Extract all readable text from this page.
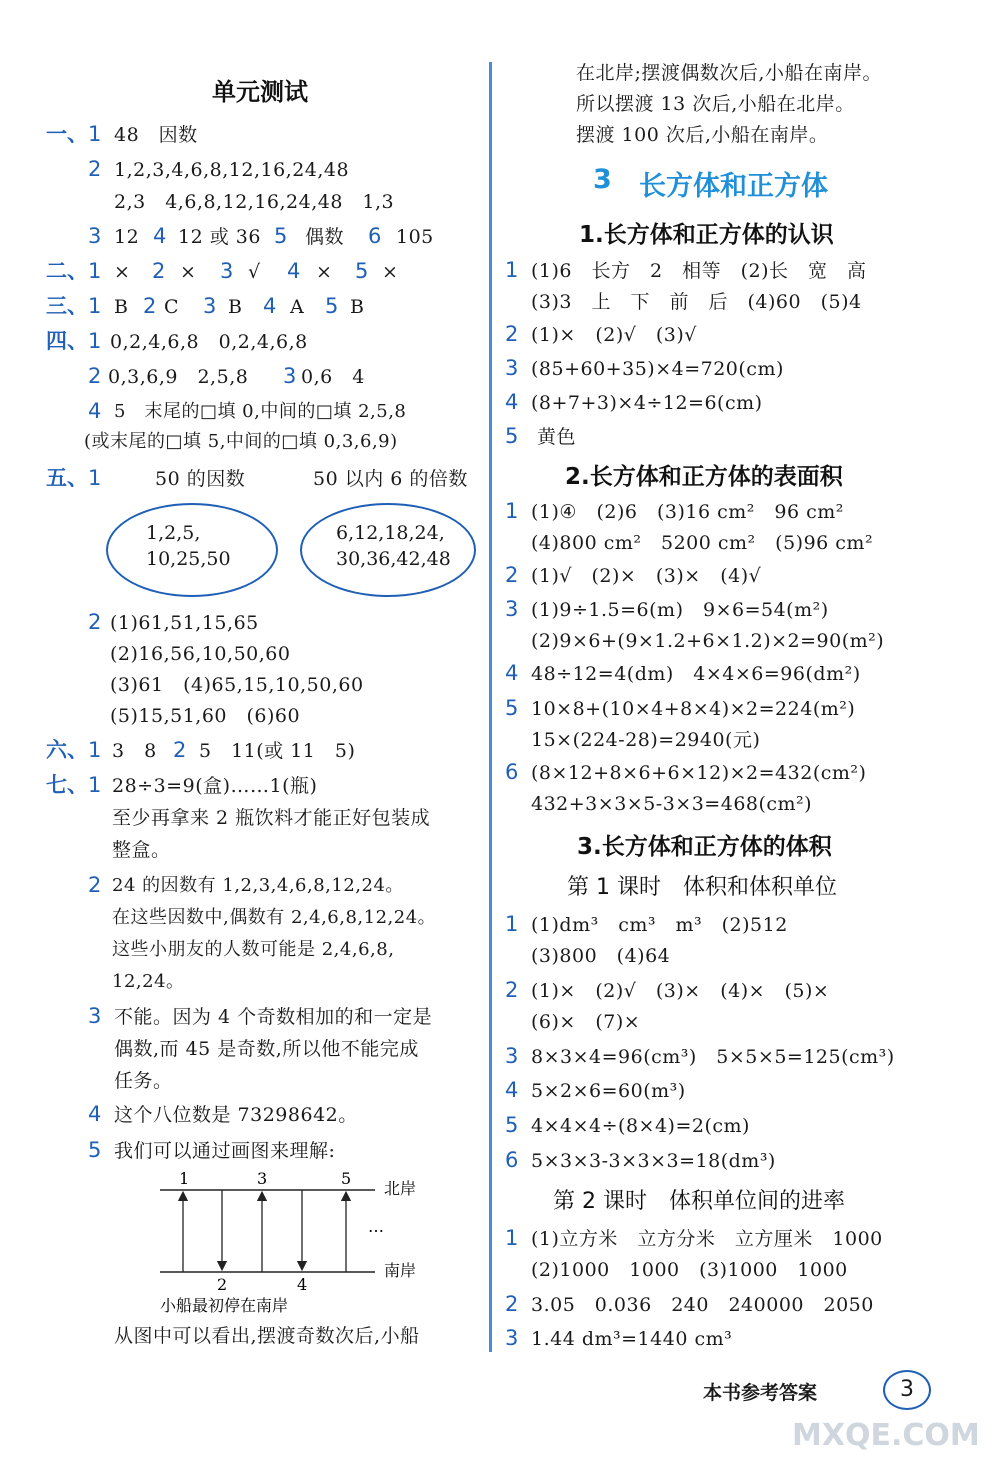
单元测试
一、 1 48　因数
2 1,2,3,4,6,8,12,16,24,48
2,3　4,6,8,12,16,24,48　1,3
3 12 4 12 或 36 5 偶数 6 105
二、 1 × 2 × 3 √ 4 × 5 ×
三、 1 B 2 C 3 B 4 A 5 B
四、 1 0,2,4,6,8　0,2,4,6,8
2 0,3,6,9　2,5,8 3 0,6　4
4 5　末尾的□填 0,中间的□填 2,5,8
(或末尾的□填 5,中间的□填 0,3,6,9)
五、 1	50 的因数	50 以内 6 的倍数
1,2,5,
10,25,50
6,12,18,24,
30,36,42,48
2 (1)61,51,15,65
(2)16,56,10,50,60
(3)61　(4)65,15,10,50,60
(5)15,51,60　(6)60
六、 1 3　8 2 5　11(或 11　5)
七、 1 28÷3=9(盒)……1(瓶)
至少再拿来 2 瓶饮料才能正好包装成
整盒。
2 24 的因数有 1,2,3,4,6,8,12,24。
在这些因数中,偶数有 2,4,6,8,12,24。
这些小朋友的人数可能是 2,4,6,8,
12,24。
3 不能。因为 4 个奇数相加的和一定是
偶数,而 45 是奇数,所以他不能完成
任务。
4 这个八位数是 73298642。
5 我们可以通过画图来理解:
1	3	5
2	4
…
北岸
南岸
小船最初停在南岸
从图中可以看出,摆渡奇数次后,小船
在北岸;摆渡偶数次后,小船在南岸。
所以摆渡 13 次后,小船在北岸。
摆渡 100 次后,小船在南岸。
3 长方体和正方体
1.长方体和正方体的认识
1 (1)6　长方　2　相等　(2)长　宽　高
(3)3　上　下　前　后　(4)60　(5)4
2 (1)×　(2)√　(3)√
3 (85+60+35)×4=720(cm)
4 (8+7+3)×4÷12=6(cm)
5 黄色
2.长方体和正方体的表面积
1 (1)④　(2)6　(3)16 cm²　96 cm²
(4)800 cm²　5200 cm²　(5)96 cm²
2 (1)√　(2)×　(3)×　(4)√
3 (1)9÷1.5=6(m)　9×6=54(m²)
(2)9×6+(9×1.2+6×1.2)×2=90(m²)
4 48÷12=4(dm)　4×4×6=96(dm²)
5 10×8+(10×4+8×4)×2=224(m²)
15×(224-28)=2940(元)
6 (8×12+8×6+6×12)×2=432(cm²)
432+3×3×5-3×3=468(cm²)
3.长方体和正方体的体积
第 1 课时　体积和体积单位
1 (1)dm³　cm³　m³　(2)512
(3)800　(4)64
2 (1)×　(2)√　(3)×　(4)×　(5)×
(6)×　(7)×
3 8×3×4=96(cm³)　5×5×5=125(cm³)
4 5×2×6=60(m³)
5 4×4×4÷(8×4)=2(cm)
6 5×3×3-3×3×3=18(dm³)
第 2 课时　体积单位间的进率
1 (1)立方米　立方分米　立方厘米　1000
(2)1000　1000　(3)1000　1000
2 3.05　0.036　240　240000　2050
3 1.44 dm³=1440 cm³
本书参考答案	3
MXQE.COM
